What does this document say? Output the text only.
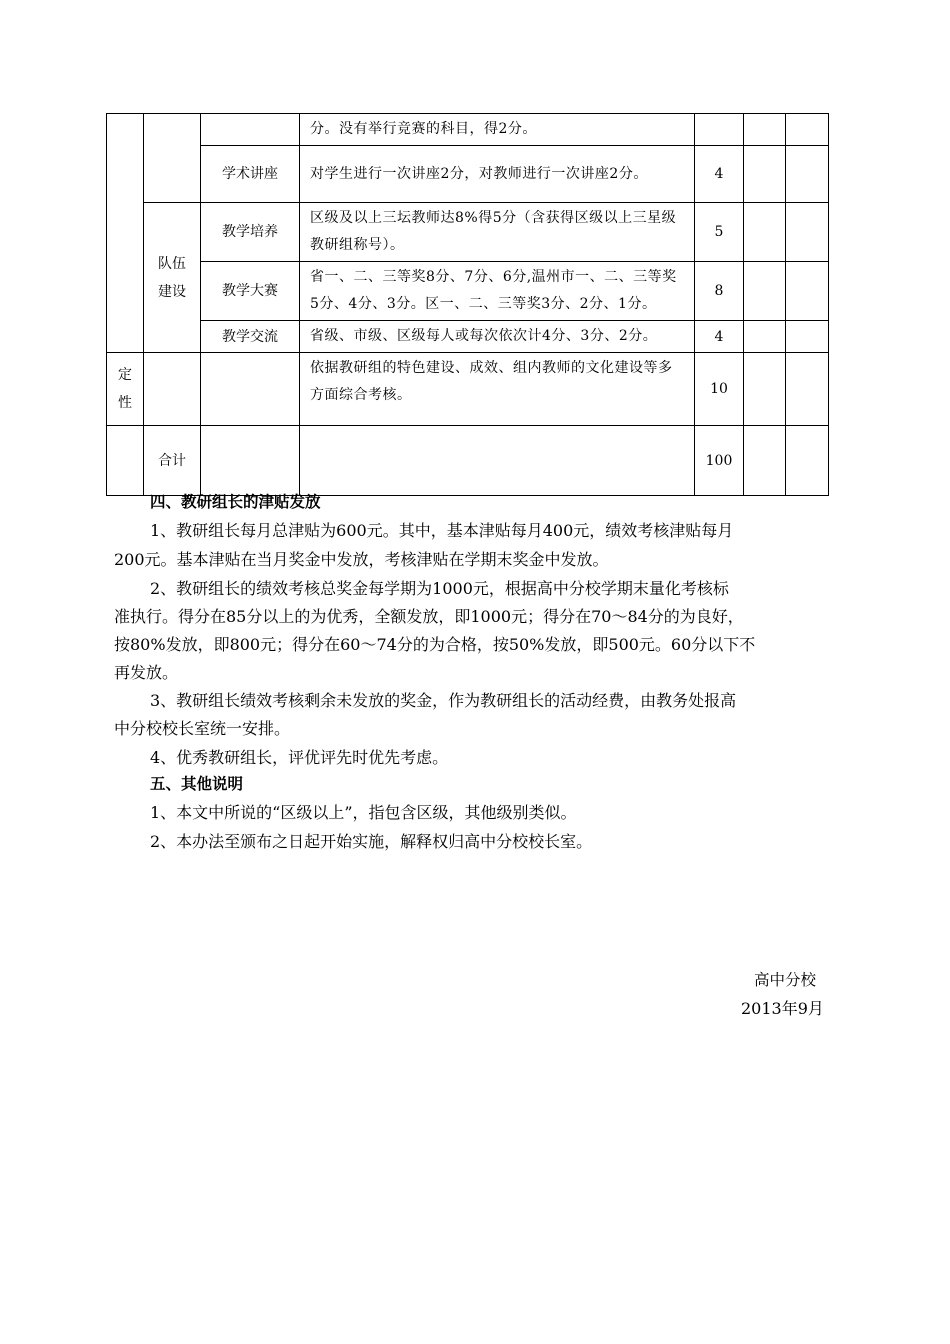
			分。没有举行竞赛的科目，得2分。			
		学术讲座	对学生进行一次讲座2分，对教师进行一次讲座2分。	4		
	队伍建设	教学培养	区级及以上三坛教师达8%得5分（含获得区级以上三星级教研组称号）。	5		
		教学大赛	省一、二、三等奖8分、7分、6分,温州市一、二、三等奖5分、4分、3分。区一、二、三等奖3分、2分、1分。	8		
		教学交流	省级、市级、区级每人或每次依次计4分、3分、2分。	4		
定性			依据教研组的特色建设、成效、组内教师的文化建设等多方面综合考核。	10		
	合计			100		
四、教研组长的津贴发放
1、教研组长每月总津贴为600元。其中，基本津贴每月400元，绩效考核津贴每月
200元。基本津贴在当月奖金中发放，考核津贴在学期末奖金中发放。
2、教研组长的绩效考核总奖金每学期为1000元，根据高中分校学期末量化考核标
准执行。得分在85分以上的为优秀，全额发放，即1000元；得分在70～84分的为良好，
按80%发放，即800元；得分在60～74分的为合格，按50%发放，即500元。60分以下不
再发放。
3、教研组长绩效考核剩余未发放的奖金，作为教研组长的活动经费，由教务处报高
中分校校长室统一安排。
4、优秀教研组长，评优评先时优先考虑。
五、其他说明
1、本文中所说的“区级以上”，指包含区级，其他级别类似。
2、本办法至颁布之日起开始实施，解释权归高中分校校长室。
高中分校
2013年9月
